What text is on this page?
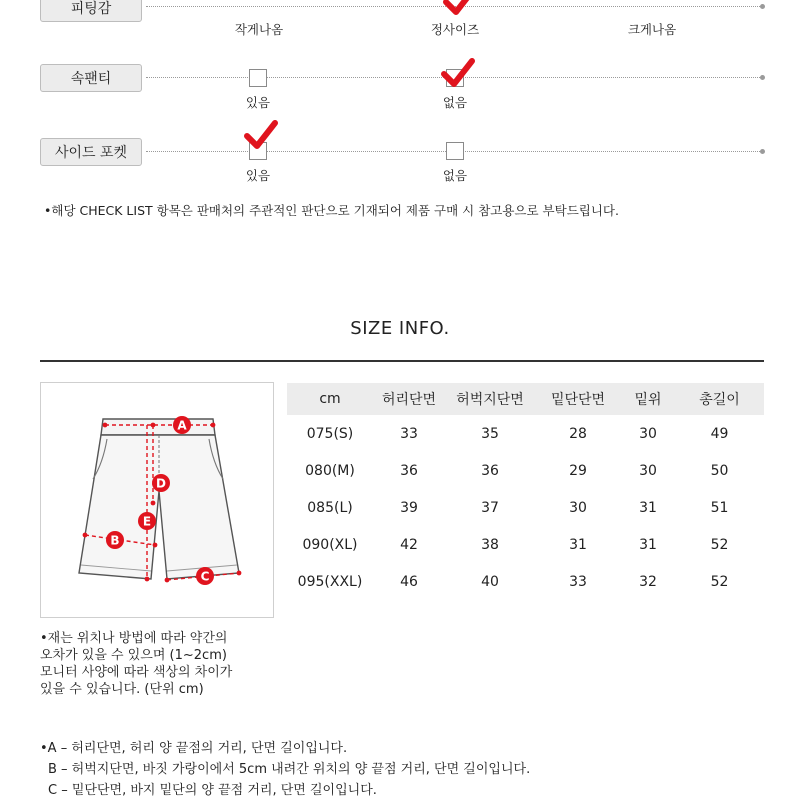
피팅감
작게나옴	정사이즈	크게나옴
속팬티
있음	없음
사이드 포켓
있음	없음
•해당 CHECK LIST 항목은 판매처의 주관적인 판단으로 기재되어 제품 구매 시 참고용으로 부탁드립니다.
SIZE INFO.
A
D
E
B
C
cm	허리단면	허벅지단면	밑단단면	밑위	총길이
075(S)	33	35	28	30	49
080(M)	36	36	29	30	50
085(L)	39	37	30	31	51
090(XL)	42	38	31	31	52
095(XXL)	46	40	33	32	52
•재는 위치나 방법에 따라 약간의
오차가 있을 수 있으며 (1~2cm)
모니터 사양에 따라 색상의 차이가
있을 수 있습니다. (단위 cm)
•A – 허리단면, 허리 양 끝점의 거리, 단면 길이입니다.
B – 허벅지단면, 바짓 가랑이에서 5cm 내려간 위치의 양 끝점 거리, 단면 길이입니다.
C – 밑단단면, 바지 밑단의 양 끝점 거리, 단면 길이입니다.
